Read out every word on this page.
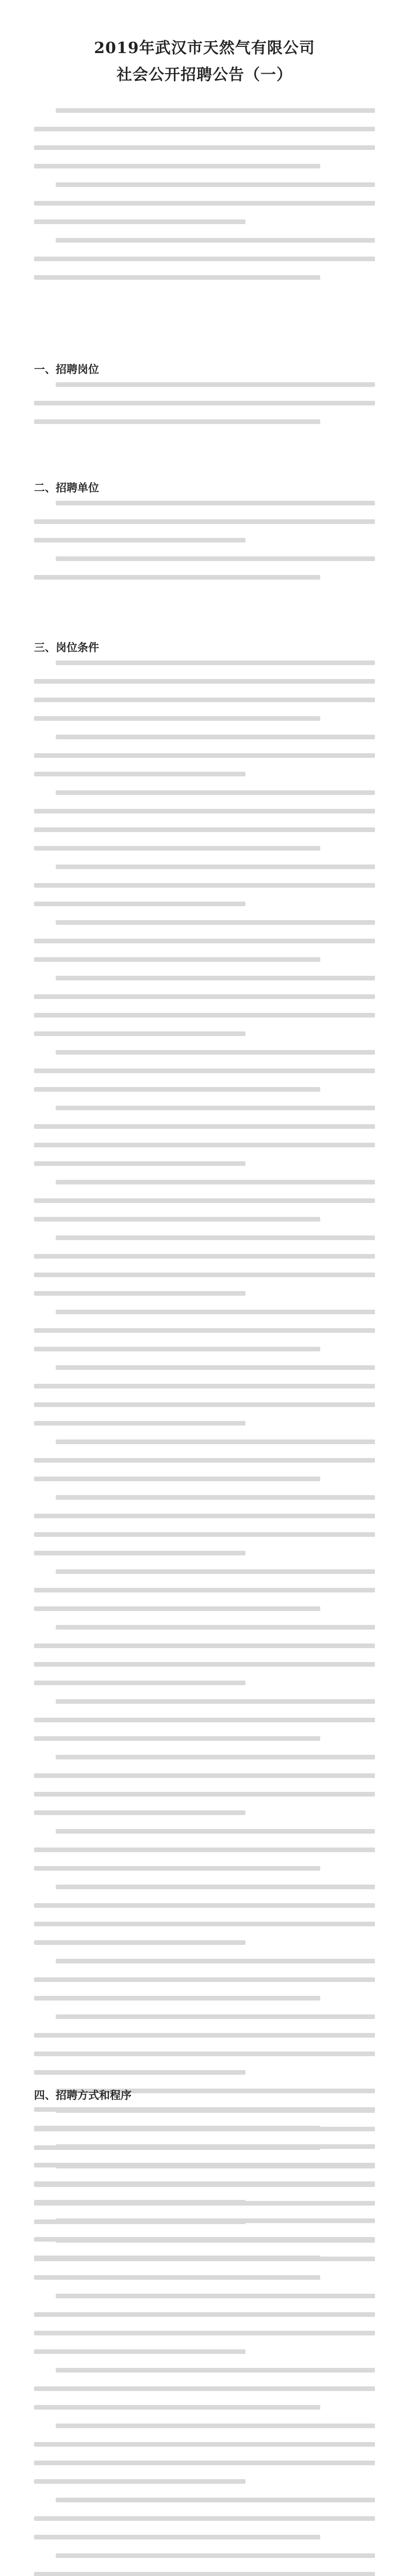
2019年武汉市天然气有限公司
社会公开招聘公告（一）
一、招聘岗位
二、招聘单位
三、岗位条件
四、招聘方式和程序
